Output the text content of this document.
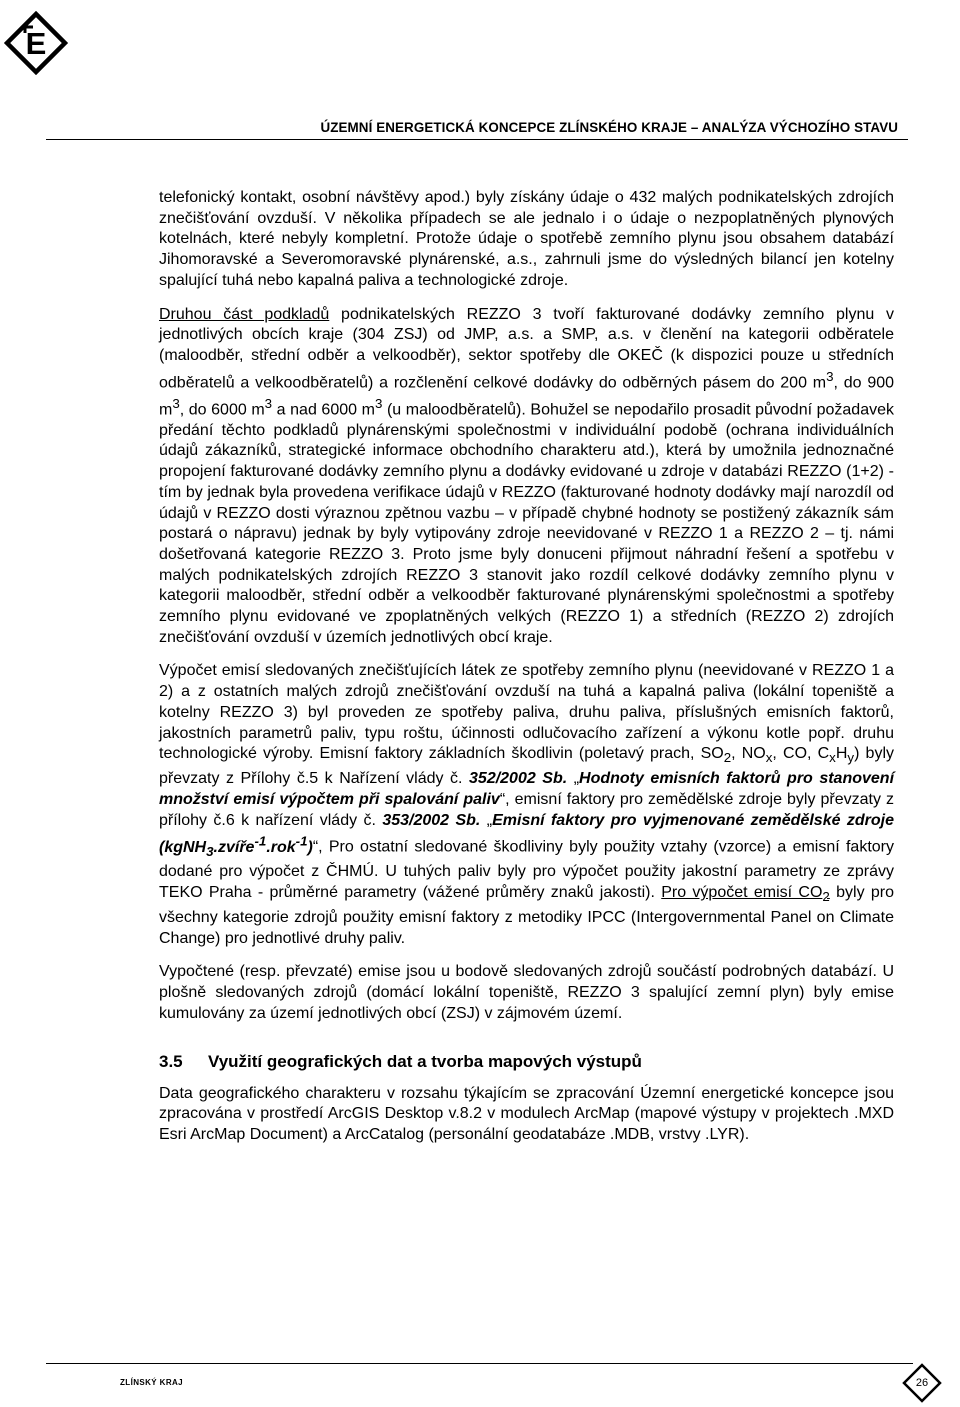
E
ÚZEMNÍ ENERGETICKÁ KONCEPCE ZLÍNSKÉHO KRAJE – ANALÝZA VÝCHOZÍHO STAVU

telefonický kontakt, osobní návštěvy apod.) byly získány údaje o 432 malých podnikatelských zdrojích znečišťování ovzduší. V několika případech se ale jednalo i o údaje o nezpoplatněných plynových kotelnách, které nebyly kompletní. Protože údaje o spotřebě zemního plynu jsou obsahem databází Jihomoravské a Severomoravské plynárenské, a.s., zahrnuli jsme do výsledných bilancí jen kotelny spalující tuhá nebo kapalná paliva a technologické zdroje.

Druhou část podkladů podnikatelských REZZO 3 tvoří fakturované dodávky zemního plynu v jednotlivých obcích kraje (304 ZSJ) od JMP, a.s. a SMP, a.s. v členění na kategorii odběratele (maloodběr, střední odběr a velkoodběr), sektor spotřeby dle OKEČ (k dispozici pouze u středních odběratelů a velkoodběratelů) a rozčlenění celkové dodávky do odběrných pásem do 200 $m^3$, do 900 $m^3$, do 6000 $m^3$ a nad 6000 $m^3$ (u maloodběratelů). Bohužel se nepodařilo prosadit původní požadavek předání těchto podkladů plynárenskými společnostmi v individuální podobě (ochrana individuálních údajů zákazníků, strategické informace obchodního charakteru atd.), která by umožnila jednoznačné propojení fakturované dodávky zemního plynu a dodávky evidované u zdroje v databázi REZZO (1+2) - tím by jednak byla provedena verifikace údajů v REZZO (fakturované hodnoty dodávky mají narozdíl od údajů v REZZO dosti výraznou zpětnou vazbu – v případě chybné hodnoty se postižený zákazník sám postará o nápravu) jednak by byly vytipovány zdroje neevidované v REZZO 1 a REZZO 2 – tj. námi došetřovaná kategorie REZZO 3. Proto jsme byly donuceni přijmout náhradní řešení a spotřebu v malých podnikatelských zdrojích REZZO 3 stanovit jako rozdíl celkové dodávky zemního plynu v kategorii maloodběr, střední odběr a velkoodběr fakturované plynárenskými společnostmi a spotřeby zemního plynu evidované ve zpoplatněných velkých (REZZO 1) a středních (REZZO 2) zdrojích znečišťování ovzduší v územích jednotlivých obcí kraje.

Výpočet emisí sledovaných znečišťujících látek ze spotřeby zemního plynu (neevidované v REZZO 1 a 2) a z ostatních malých zdrojů znečišťování ovzduší na tuhá a kapalná paliva (lokální topeniště a kotelny REZZO 3) byl proveden ze spotřeby paliva, druhu paliva, příslušných emisních faktorů, jakostních parametrů paliv, typu roštu, účinnosti odlučovacího zařízení a výkonu kotle popř. druhu technologické výroby. Emisní faktory základních škodlivin (poletavý prach, $SO_2$, $NO_x$, CO, $C_xH_y$) byly převzaty z Přílohy č.5 k Nařízení vlády č. 352/2002 Sb. „Hodnoty emisních faktorů pro stanovení množství emisí výpočtem při spalování paliv“, emisní faktory pro zemědělské zdroje byly převzaty z přílohy č.6 k nařízení vlády č. 353/2002 Sb. „Emisní faktory pro vyjmenované zemědělské zdroje (kgNH$_3$.zvíře$^{-1}$.rok$^{-1}$)“, Pro ostatní sledované škodliviny byly použity vztahy (vzorce) a emisní faktory dodané pro výpočet z ČHMÚ. U tuhých paliv byly pro výpočet použity jakostní parametry ze zprávy TEKO Praha - průměrné parametry (vážené průměry znaků jakosti). Pro výpočet emisí $CO_2$ byly pro všechny kategorie zdrojů použity emisní faktory z metodiky IPCC (Intergovernmental Panel on Climate Change) pro jednotlivé druhy paliv.

Vypočtené (resp. převzaté) emise jsou u bodově sledovaných zdrojů součástí podrobných databází. U plošně sledovaných zdrojů (domácí lokální topeniště, REZZO 3 spalující zemní plyn) byly emise kumulovány za území jednotlivých obcí (ZSJ) v zájmovém území.

3.5 Využití geografických dat a tvorba mapových výstupů

Data geografického charakteru v rozsahu týkajícím se zpracování Územní energetické koncepce jsou zpracována v prostředí ArcGIS Desktop v.8.2 v modulech ArcMap (mapové výstupy v projektech .MXD Esri ArcMap Document) a ArcCatalog (personální geodatabáze .MDB, vrstvy .LYR).

ZLÍNSKÝ KRAJ	26
